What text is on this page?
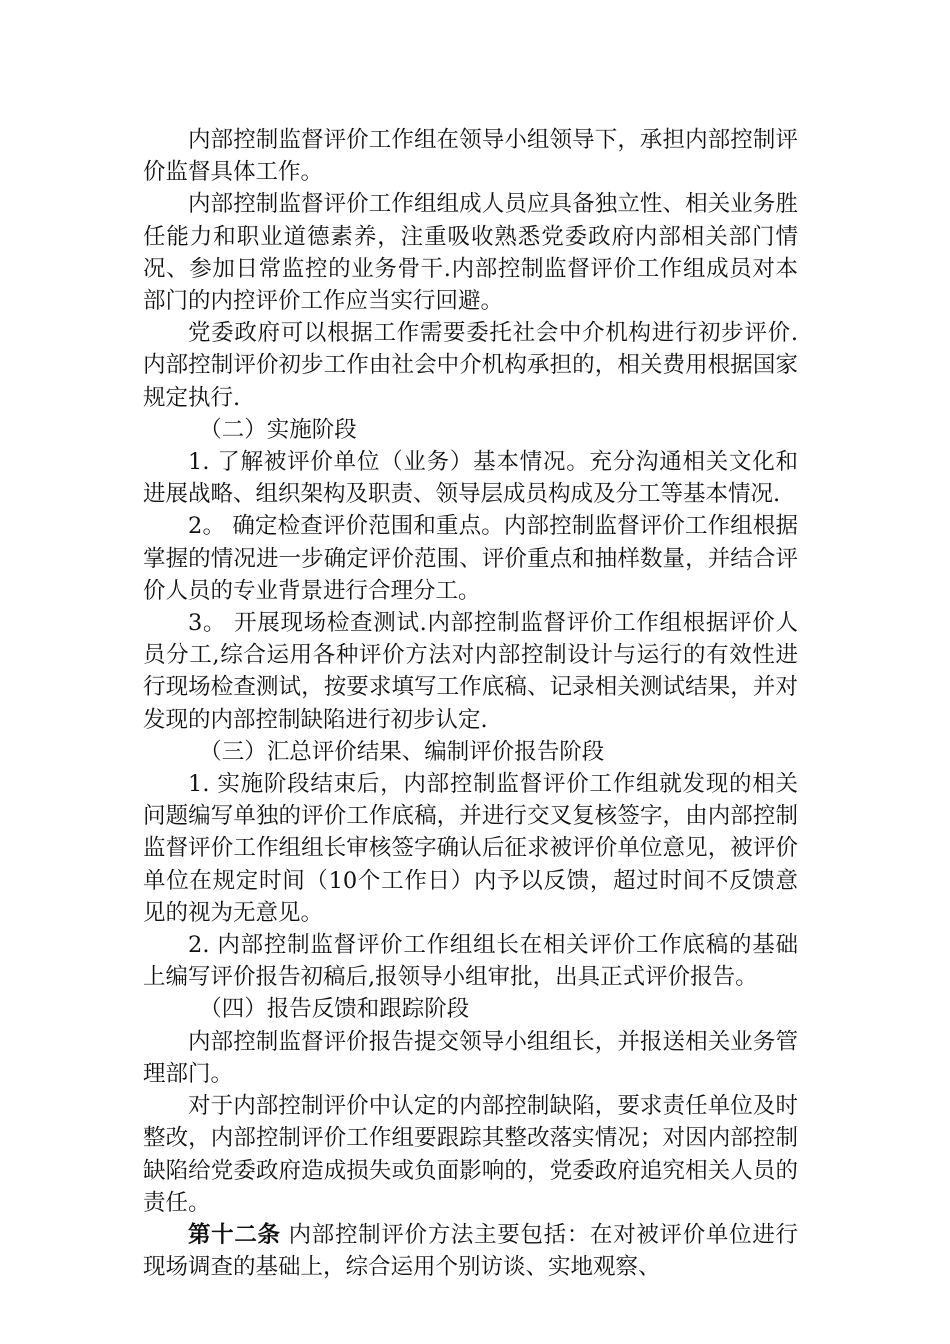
内部控制监督评价工作组在领导小组领导下，承担内部控制评价监督具体工作。

内部控制监督评价工作组组成人员应具备独立性、相关业务胜任能力和职业道德素养，注重吸收熟悉党委政府内部相关部门情况、参加日常监控的业务骨干.内部控制监督评价工作组成员对本部门的内控评价工作应当实行回避。

党委政府可以根据工作需要委托社会中介机构进行初步评价.内部控制评价初步工作由社会中介机构承担的，相关费用根据国家规定执行.

（二）实施阶段

1. 了解被评价单位（业务）基本情况。充分沟通相关文化和进展战略、组织架构及职责、领导层成员构成及分工等基本情况.

2。 确定检查评价范围和重点。内部控制监督评价工作组根据掌握的情况进一步确定评价范围、评价重点和抽样数量，并结合评价人员的专业背景进行合理分工。

3。 开展现场检查测试.内部控制监督评价工作组根据评价人员分工,综合运用各种评价方法对内部控制设计与运行的有效性进行现场检查测试，按要求填写工作底稿、记录相关测试结果，并对发现的内部控制缺陷进行初步认定.

（三）汇总评价结果、编制评价报告阶段

1. 实施阶段结束后，内部控制监督评价工作组就发现的相关问题编写单独的评价工作底稿，并进行交叉复核签字，由内部控制监督评价工作组组长审核签字确认后征求被评价单位意见，被评价单位在规定时间（10个工作日）内予以反馈，超过时间不反馈意见的视为无意见。

2. 内部控制监督评价工作组组长在相关评价工作底稿的基础上编写评价报告初稿后,报领导小组审批，出具正式评价报告。

（四）报告反馈和跟踪阶段

内部控制监督评价报告提交领导小组组长，并报送相关业务管理部门。

对于内部控制评价中认定的内部控制缺陷，要求责任单位及时整改，内部控制评价工作组要跟踪其整改落实情况；对因内部控制缺陷给党委政府造成损失或负面影响的，党委政府追究相关人员的责任。

第十二条 内部控制评价方法主要包括：在对被评价单位进行现场调查的基础上，综合运用个别访谈、实地观察、
